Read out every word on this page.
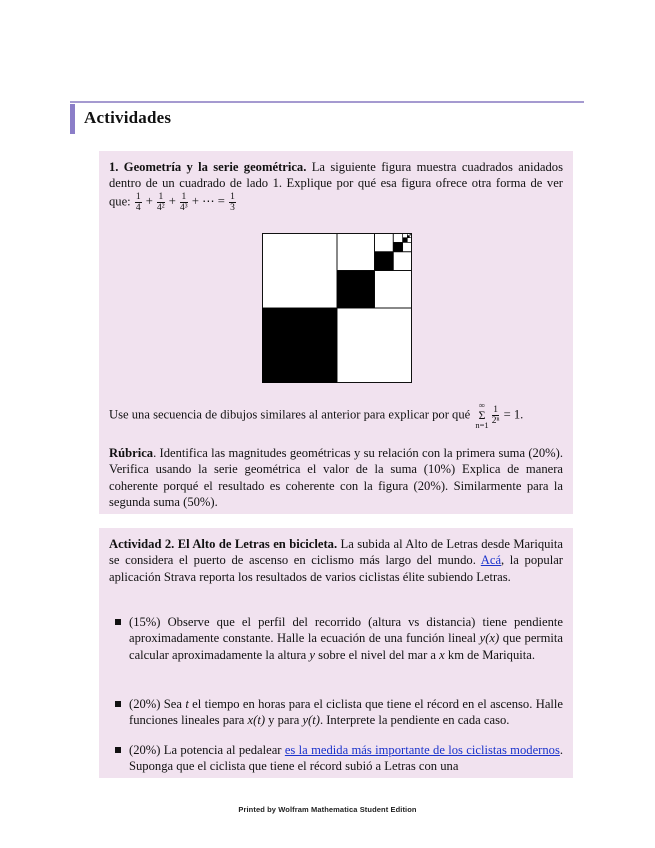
Actividades

1. Geometría y la serie geométrica. La siguiente figura muestra cuadrados anidados dentro de un cuadrado de lado 1. Explique por qué esa figura ofrece otra forma de ver que: $\frac{1}{4} + \frac{1}{\text{4²}} + \frac{1}{\text{4³}}$ + ⋯ = $\frac{1}{3}$

Use una secuencia de dibujos similares al anterior para explicar por qué
∞
Σ
$n=1 \frac{1}{\text{2ⁿ}} = 1$.

Rúbrica. Identifica las magnitudes geométricas y su relación con la primera suma (20%). Verifica usando la serie geométrica el valor de la suma (10%) Explica de manera coherente porqué el resultado es coherente con la figura (20%). Similarmente para la segunda suma (50%).

Actividad 2. El Alto de Letras en bicicleta. La subida al Alto de Letras desde Mariquita se considera el puerto de ascenso en ciclismo más largo del mundo. Acá, la popular aplicación Strava reporta los resultados de varios ciclistas élite subiendo Letras.

(15%) Observe que el perfil del recorrido (altura vs distancia) tiene pendiente aproximadamente constante. Halle la ecuación de una función lineal y(x) que permita calcular aproximadamente la altura y sobre el nivel del mar a x km de Mariquita.
(20%) Sea t el tiempo en horas para el ciclista que tiene el récord en el ascenso. Halle funciones lineales para x(t) y para y(t). Interprete la pendiente en cada caso.
(20%) La potencia al pedalear es la medida más importante de los ciclistas modernos. Suponga que el ciclista que tiene el récord subió a Letras con una
Printed by Wolfram Mathematica Student Edition
